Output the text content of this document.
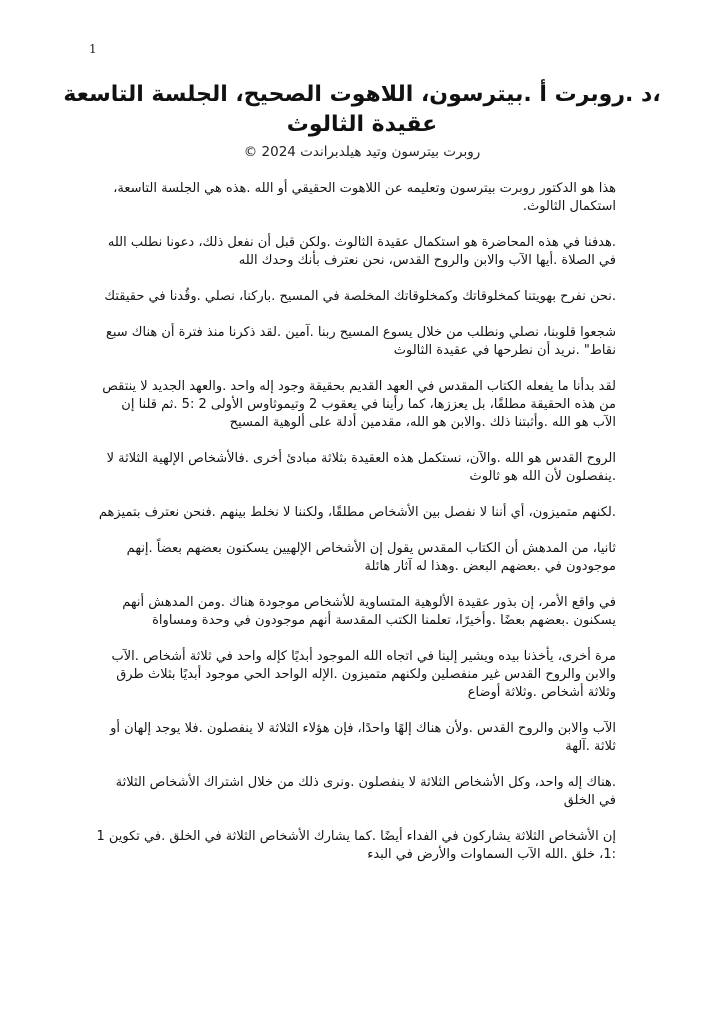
1
،د .روبرت أ .بيترسون، اللاهوت الصحيح، الجلسة التاسعة
عقيدة الثالوث
روبرت بيترسون وتيد هيلدبراندت 2024 ©

هذا هو الدكتور روبرت بيترسون وتعليمه عن اللاهوت الحقيقي أو الله .هذه هي الجلسة التاسعة، استكمال الثالوث.

.هدفنا في هذه المحاضرة هو استكمال عقيدة الثالوث .ولكن قبل أن نفعل ذلك، دعونا نطلب الله في الصلاة .أيها الآب والابن والروح القدس، نحن نعترف بأنك وحدك الله

.نحن نفرح بهويتنا كمخلوقاتك وكمخلوقاتك المخلصة في المسيح .باركنا، نصلي .وقُدنا في حقيقتك

شجعوا قلوبنا، نصلي ونطلب من خلال يسوع المسيح ربنا .آمين .لقد ذكرنا منذ فترة أن هناك سبع نقاط" .نريد أن نطرحها في عقيدة الثالوث

لقد بدأنا ما يفعله الكتاب المقدس في العهد القديم بحقيقة وجود إله واحد .والعهد الجديد لا ينتقص من هذه الحقيقة مطلقًا، بل يعززها، كما رأينا في يعقوب 2 وتيموثاوس الأولى 2 :5 .ثم قلنا إن الآب هو الله .وأثبتنا ذلك .والابن هو الله، مقدمين أدلة على ألوهية المسيح

الروح القدس هو الله .والآن، نستكمل هذه العقيدة بثلاثة مبادئ أخرى .فالأشخاص الإلهية الثلاثة لا .ينفصلون لأن الله هو ثالوث

.لكنهم متميزون، أي أننا لا نفصل بين الأشخاص مطلقًا، ولكننا لا نخلط بينهم .فنحن نعترف بتميزهم

ثانيا، من المدهش أن الكتاب المقدس يقول إن الأشخاص الإلهيين يسكنون بعضهم بعضاً .إنهم موجودون في .بعضهم البعض .وهذا له آثار هائلة

في واقع الأمر، إن بذور عقيدة الألوهية المتساوية للأشخاص موجودة هناك .ومن المدهش أنهم يسكنون .بعضهم بعضًا .وأخيرًا، تعلمنا الكتب المقدسة أنهم موجودون في وحدة ومساواة

مرة أخرى، يأخذنا بيده ويشير إلينا في اتجاه الله الموجود أبديًا كإله واحد في ثلاثة أشخاص .الآب والابن والروح القدس غير منفصلين ولكنهم متميزون .الإله الواحد الحي موجود أبديًا بثلاث طرق وثلاثة أشخاص .وثلاثة أوضاع

الآب والابن والروح القدس .ولأن هناك إلهًا واحدًا، فإن هؤلاء الثلاثة لا ينفصلون .فلا يوجد إلهان أو ثلاثة .آلهة

.هناك إله واحد، وكل الأشخاص الثلاثة لا ينفصلون .ونرى ذلك من خلال اشتراك الأشخاص الثلاثة في الخلق

إن الأشخاص الثلاثة يشاركون في الفداء أيضًا .كما يشارك الأشخاص الثلاثة في الخلق .في تكوين 1 :1، خلق .الله الآب السماوات والأرض في البدء
